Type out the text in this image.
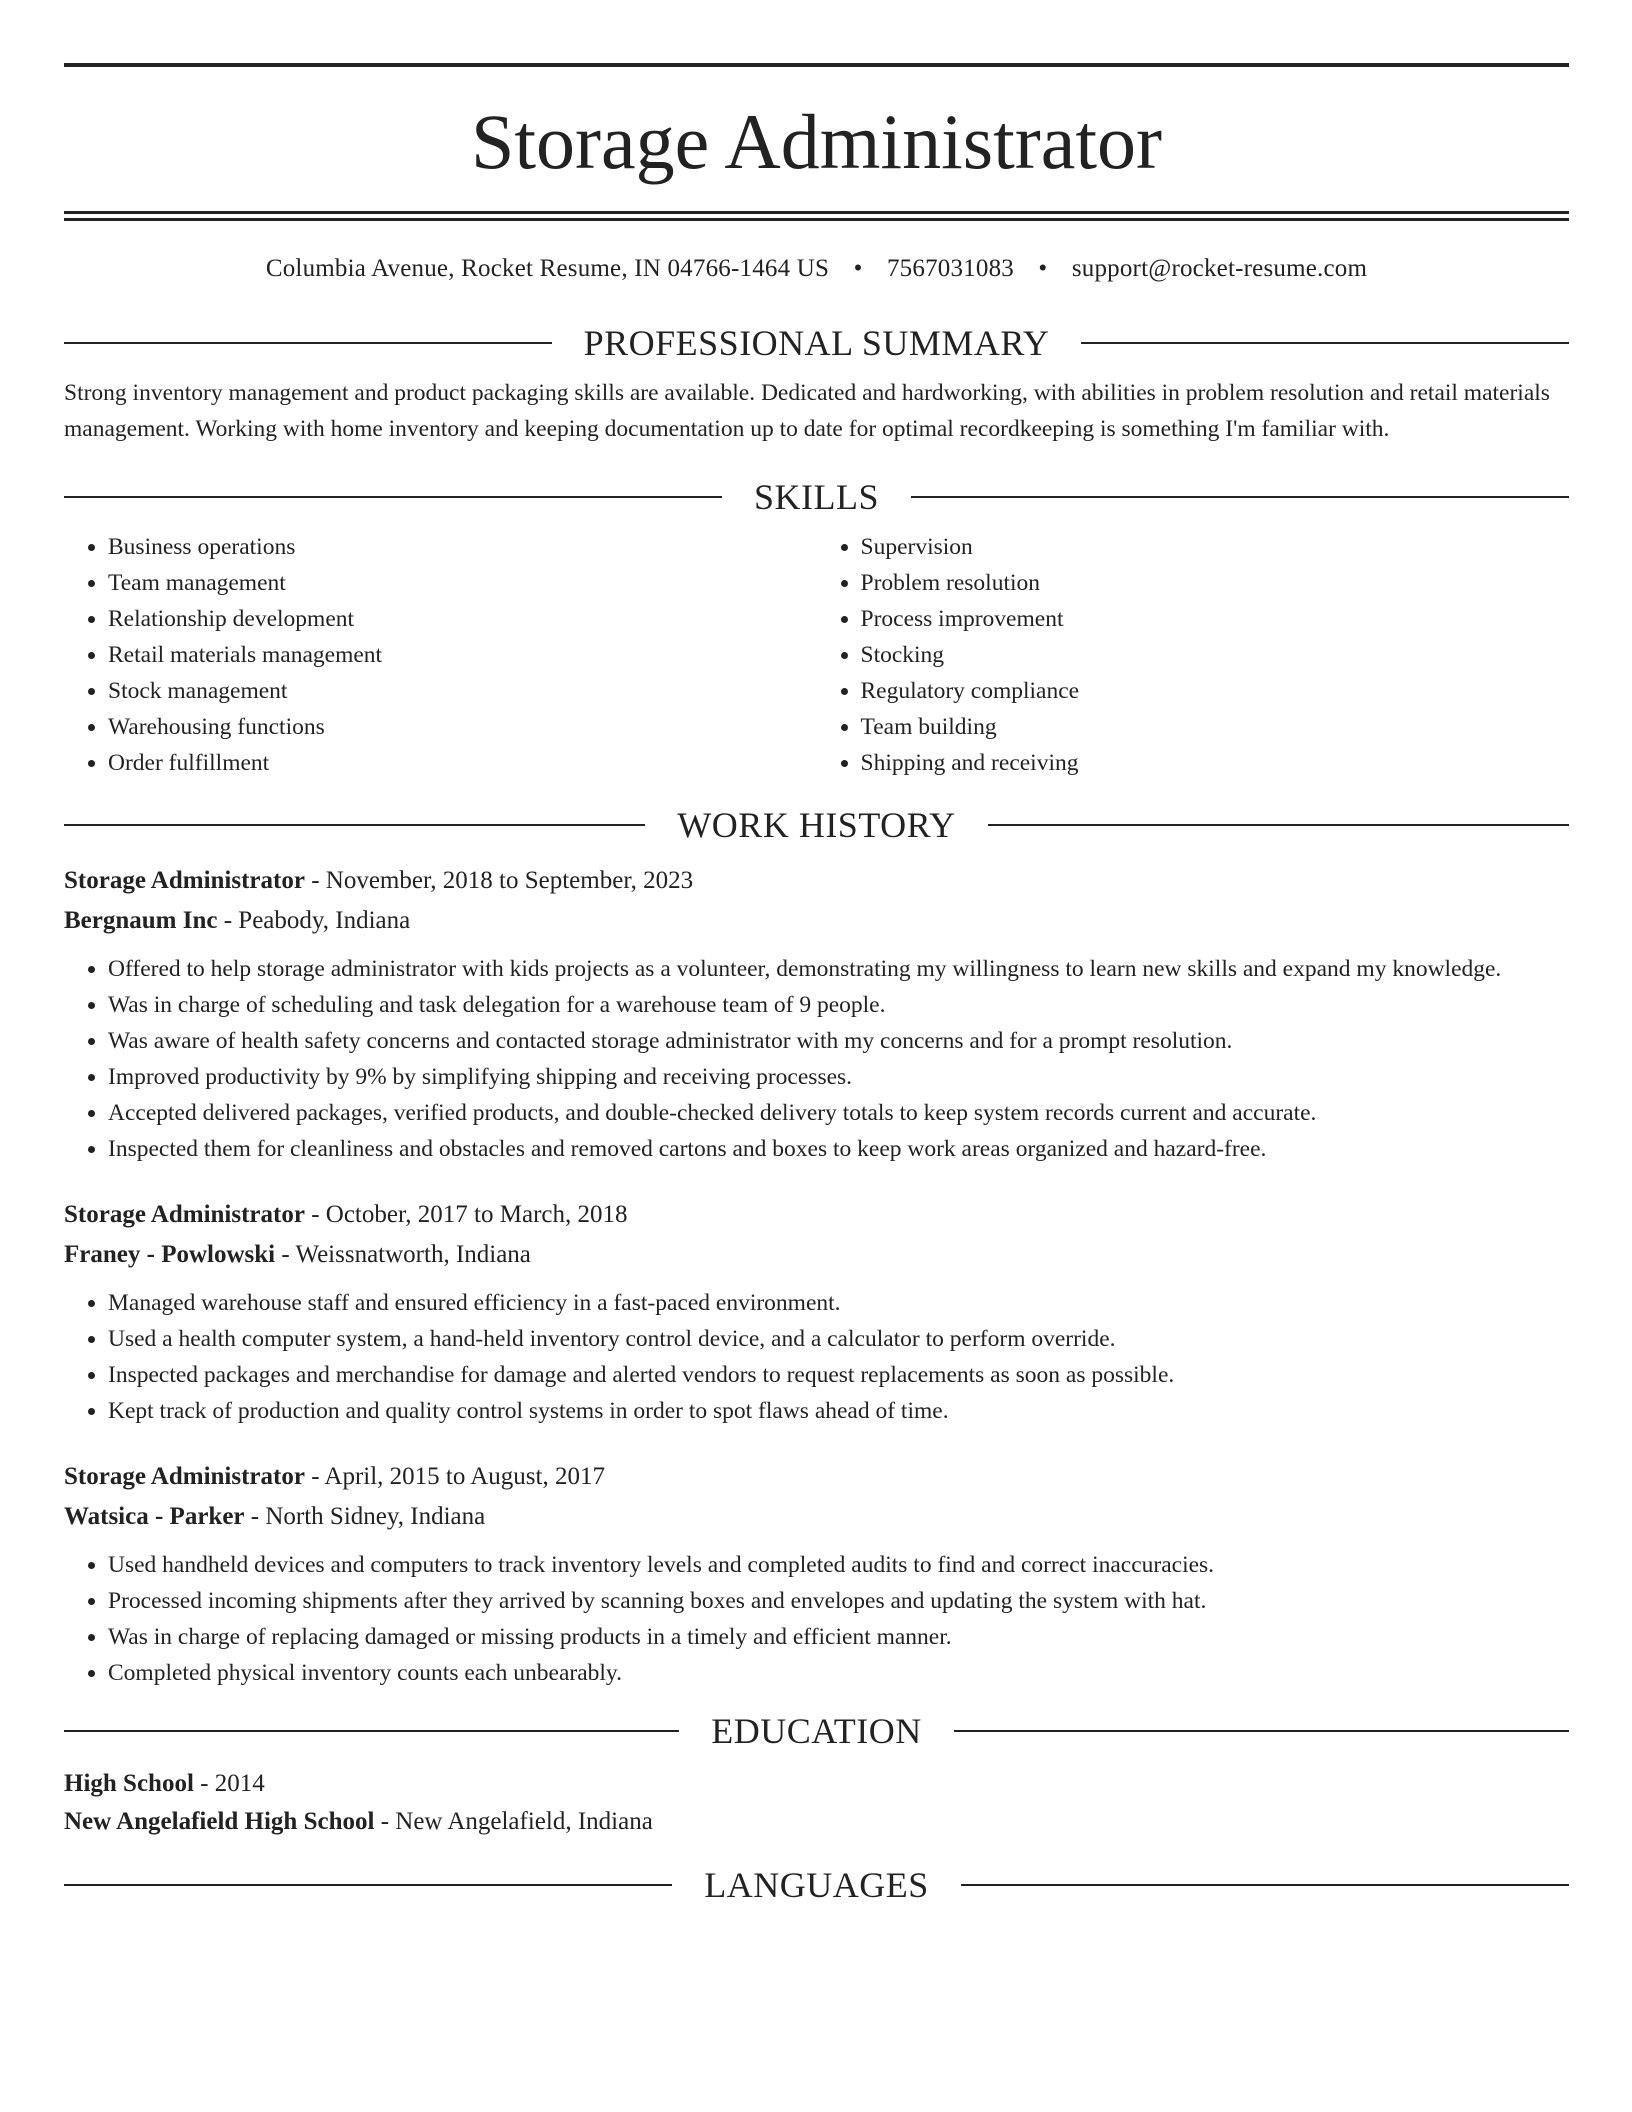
Storage Administrator
Columbia Avenue, Rocket Resume, IN 04766-1464 US • 7567031083 • support@rocket-resume.com
PROFESSIONAL SUMMARY

Strong inventory management and product packaging skills are available. Dedicated and hardworking, with abilities in problem resolution and retail materials management. Working with home inventory and keeping documentation up to date for optimal recordkeeping is something I'm familiar with.

SKILLS
• Business operations
• Team management
• Relationship development
• Retail materials management
• Stock management
• Warehousing functions
• Order fulfillment
• Supervision
• Problem resolution
• Process improvement
• Stocking
• Regulatory compliance
• Team building
• Shipping and receiving
WORK HISTORY
Storage Administrator - November, 2018 to September, 2023
Bergnaum Inc - Peabody, Indiana
• Offered to help storage administrator with kids projects as a volunteer, demonstrating my willingness to learn new skills and expand my knowledge.
• Was in charge of scheduling and task delegation for a warehouse team of 9 people.
• Was aware of health safety concerns and contacted storage administrator with my concerns and for a prompt resolution.
• Improved productivity by 9% by simplifying shipping and receiving processes.
• Accepted delivered packages, verified products, and double-checked delivery totals to keep system records current and accurate.
• Inspected them for cleanliness and obstacles and removed cartons and boxes to keep work areas organized and hazard-free.
Storage Administrator - October, 2017 to March, 2018
Franey - Powlowski - Weissnatworth, Indiana
• Managed warehouse staff and ensured efficiency in a fast-paced environment.
• Used a health computer system, a hand-held inventory control device, and a calculator to perform override.
• Inspected packages and merchandise for damage and alerted vendors to request replacements as soon as possible.
• Kept track of production and quality control systems in order to spot flaws ahead of time.
Storage Administrator - April, 2015 to August, 2017
Watsica - Parker - North Sidney, Indiana
• Used handheld devices and computers to track inventory levels and completed audits to find and correct inaccuracies.
• Processed incoming shipments after they arrived by scanning boxes and envelopes and updating the system with hat.
• Was in charge of replacing damaged or missing products in a timely and efficient manner.
• Completed physical inventory counts each unbearably.
EDUCATION
High School - 2014
New Angelafield High School - New Angelafield, Indiana
LANGUAGES
